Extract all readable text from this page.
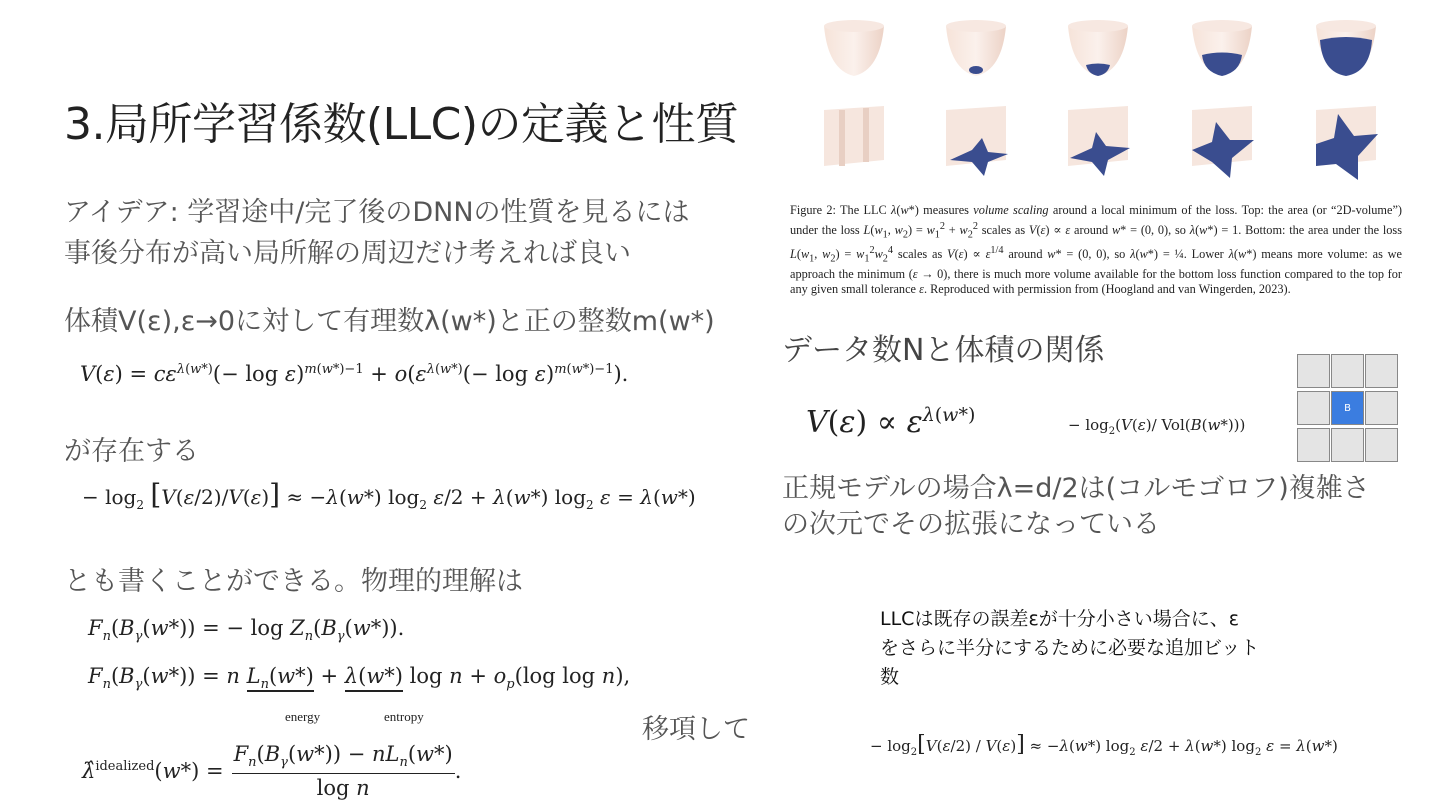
3.局所学習係数(LLC)の定義と性質
アイデア: 学習途中/完了後のDNNの性質を見るには
事後分布が高い局所解の周辺だけ考えれば良い
体積V(ε),ε→0に対して有理数λ(w*)と正の整数m(w*)
$V(\varepsilon) = c\varepsilon^{\lambda(w*)}(- \log \varepsilon)^{m(w*)-1} + o(\varepsilon^{\lambda(w*)}(- \log \varepsilon)^{m(w*)-1})$.
が存在する
− $\log_2 [V(\varepsilon/2)/V(\varepsilon)] \approx -\lambda(w*)$ $\log_2 \varepsilon/2 + \lambda(w*)$ $\log_2 \varepsilon = \lambda(w*)$
とも書くことができる。物理的理解は
$F_n(B_\gamma(w*))$ = − $\log Z_n(B_\gamma(w*))$.
$F_n(B_\gamma(w*)) = n$ $L_n(w*) + \lambda(w*)$ $\log n + o_p(\log$ log n),
energy	entropy	移項して
λ̂$^{idealized}$(w*) =
$F_n(B_\gamma(w*)) - nL_n(w*)$
log n
.
Figure 2: The LLC λ(w*) measures volume scaling around a local minimum of the loss. Top: the area (or “2D-volume”) under the loss $L(w_1$, $w_2) = w_1^2 + w_2^2$ scales as V(ε) ∝ ε around w* = (0, 0), so λ(w*) = 1. Bottom: the area under the loss $L(w_1$, $w_2) = w_1^2w_2^4$ scales as $V(\varepsilon) \propto \varepsilon^{1/4}$ around w* = (0, 0), so λ(w*) = ¼. Lower λ(w*) means more volume: as we approach the minimum (ε → 0), there is much more volume available for the bottom loss function compared to the top for any given small tolerance ε. Reproduced with permission from (Hoogland and van Wingerden, 2023).
データ数Nと体積の関係
$V(\varepsilon) \propto \varepsilon^{\lambda(w*)}$	− $\log_2(V(\varepsilon)/$ Vol(B(w*)))
B
正規モデルの場合λ=d/2は(コルモゴロフ)複雑さ
の次元でその拡張になっている
LLCは既存の誤差εが十分小さい場合に、ε
をさらに半分にするために必要な追加ビット
数
− $\log_2[V(\varepsilon/2) / V(\varepsilon)] \approx -\lambda(w*)$ $\log_2 \varepsilon/2 + \lambda(w*)$ $\log_2 \varepsilon = \lambda(w*)$
